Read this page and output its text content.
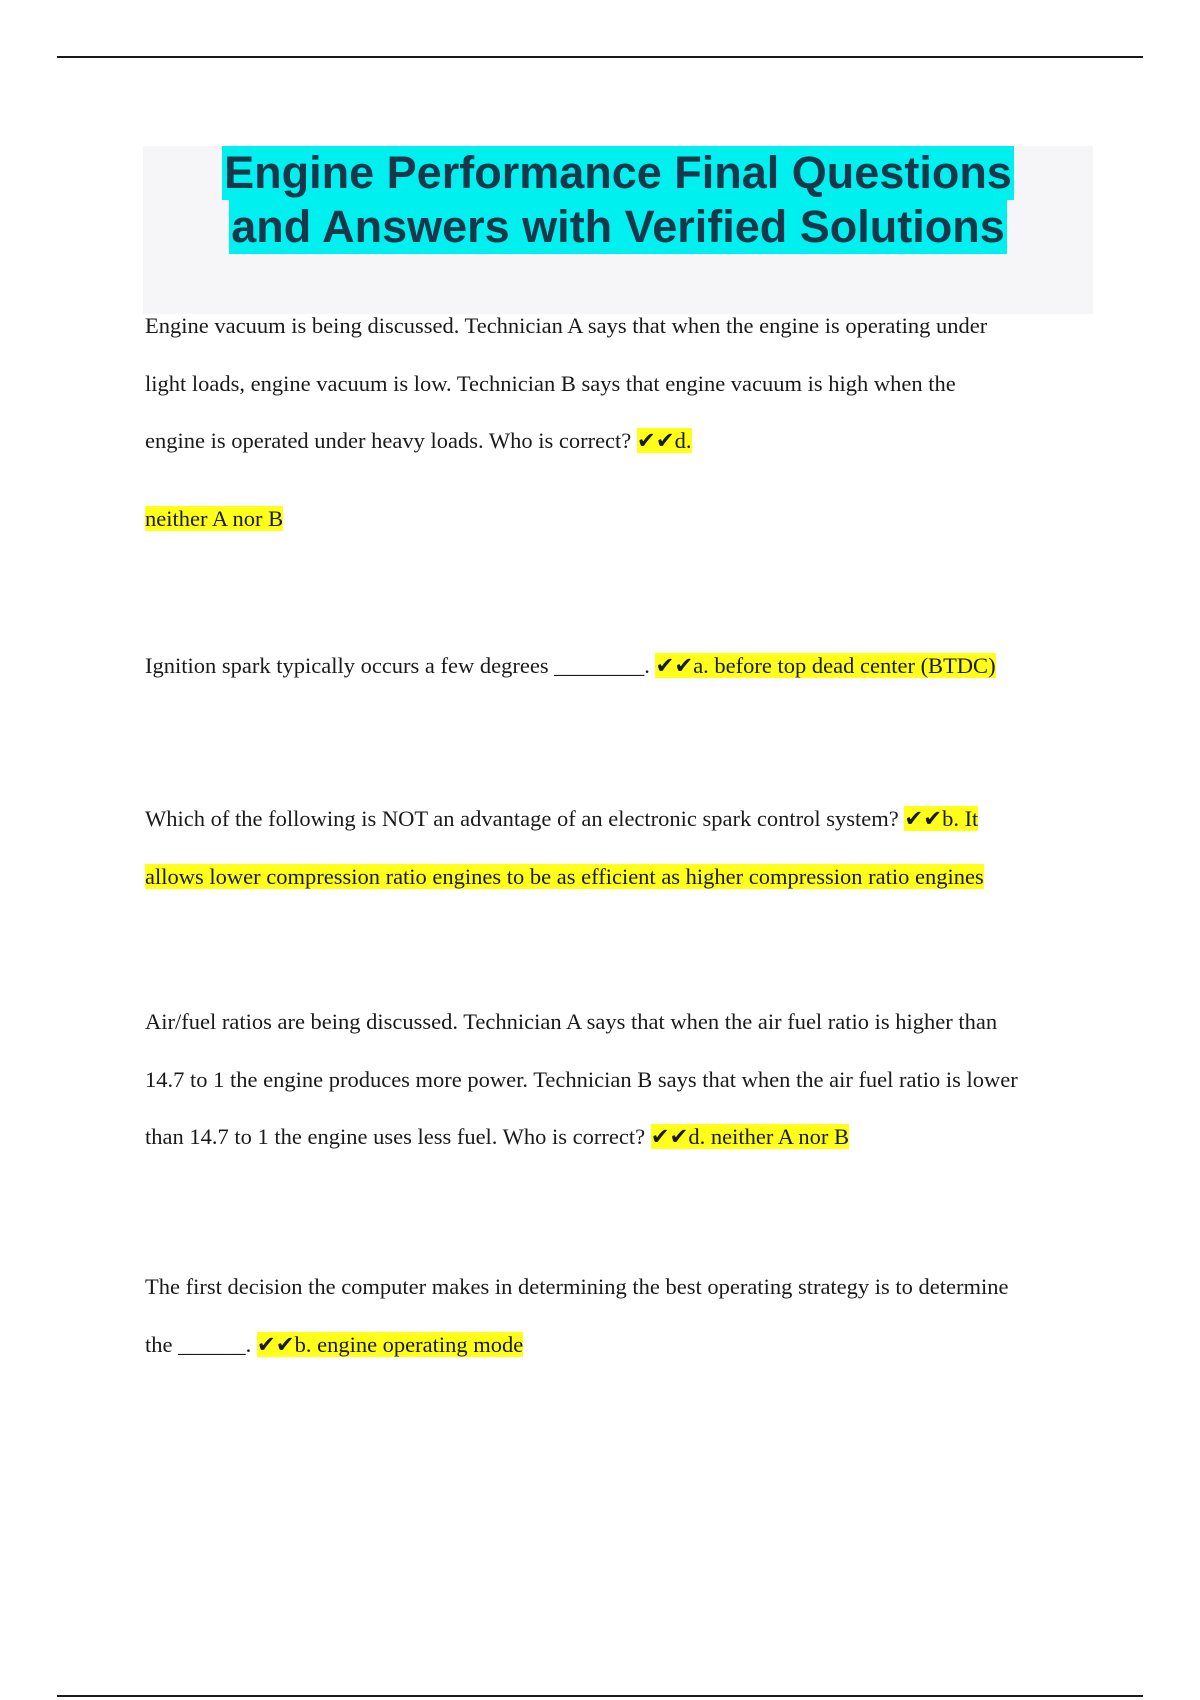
Engine Performance Final Questions
and Answers with Verified Solutions
Engine vacuum is being discussed. Technician A says that when the engine is operating under
light loads, engine vacuum is low. Technician B says that engine vacuum is high when the
engine is operated under heavy loads. Who is correct? ✔✔d.
neither A nor B
Ignition spark typically occurs a few degrees ________. ✔✔a. before top dead center (BTDC)
Which of the following is NOT an advantage of an electronic spark control system? ✔✔b. It
allows lower compression ratio engines to be as efficient as higher compression ratio engines
Air/fuel ratios are being discussed. Technician A says that when the air fuel ratio is higher than
14.7 to 1 the engine produces more power. Technician B says that when the air fuel ratio is lower
than 14.7 to 1 the engine uses less fuel. Who is correct? ✔✔d. neither A nor B
The first decision the computer makes in determining the best operating strategy is to determine
the ______. ✔✔b. engine operating mode
